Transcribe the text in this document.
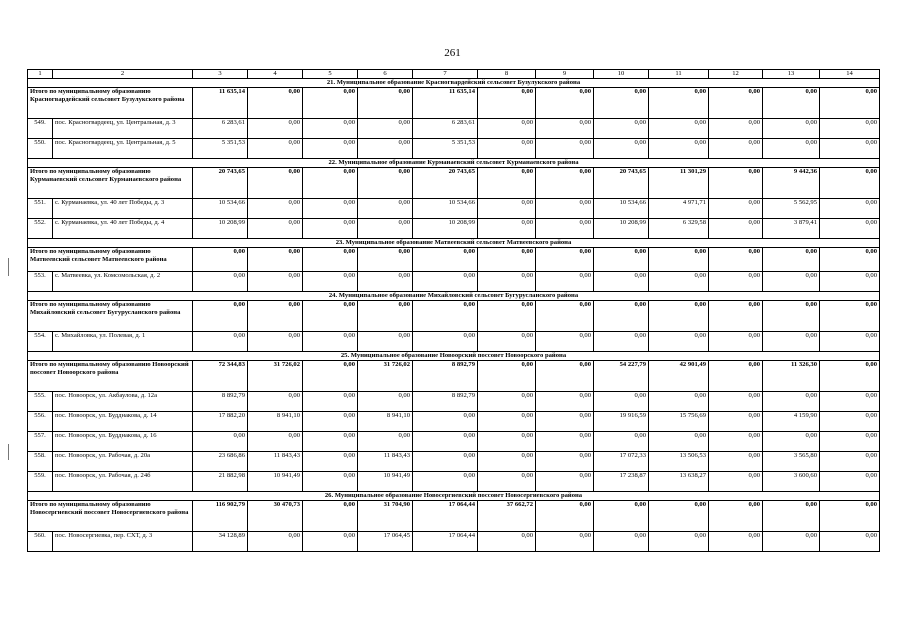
261
1	2	3	4	5	6	7	8	9	10	11	12	13	14
21. Муниципальное образование Красногвардейский сельсовет Бузулукского района													
Итого по муниципальному образованию Красногвардейский сельсовет Бузулукского района		11 635,14	0,00	0,00	0,00	11 635,14	0,00	0,00	0,00	0,00	0,00	0,00	0,00
549.	пос. Красногвардеец, ул. Центральная, д. 3	6 283,61	0,00	0,00	0,00	6 283,61	0,00	0,00	0,00	0,00	0,00	0,00	0,00
550.	пос. Красногвардеец, ул. Центральная, д. 5	5 351,53	0,00	0,00	0,00	5 351,53	0,00	0,00	0,00	0,00	0,00	0,00	0,00
22. Муниципальное образование Курманаевский сельсовет Курманаевского района													
Итого по муниципальному образованию Курманаевский сельсовет Курманаевского района		20 743,65	0,00	0,00	0,00	20 743,65	0,00	0,00	20 743,65	11 301,29	0,00	9 442,36	0,00
551.	с. Курманаевка, ул. 40 лет Победы, д. 3	10 534,66	0,00	0,00	0,00	10 534,66	0,00	0,00	10 534,66	4 971,71	0,00	5 562,95	0,00
552.	с. Курманаевка, ул. 40 лет Победы, д. 4	10 208,99	0,00	0,00	0,00	10 208,99	0,00	0,00	10 208,99	6 329,58	0,00	3 879,41	0,00
23. Муниципальное образование Матвеевский сельсовет Матвеевского района													
Итого по муниципальному образованию Матвеевский сельсовет Матвеевского района		0,00	0,00	0,00	0,00	0,00	0,00	0,00	0,00	0,00	0,00	0,00	0,00
553.	с. Матвеевка, ул. Комсомольская, д. 2	0,00	0,00	0,00	0,00	0,00	0,00	0,00	0,00	0,00	0,00	0,00	0,00
24. Муниципальное образование Михайловский сельсовет Бугурусланского района													
Итого по муниципальному образованию Михайловский сельсовет Бугурусланского района		0,00	0,00	0,00	0,00	0,00	0,00	0,00	0,00	0,00	0,00	0,00	0,00
554.	с. Михайловка, ул. Полевая, д. 1	0,00	0,00	0,00	0,00	0,00	0,00	0,00	0,00	0,00	0,00	0,00	0,00
25. Муниципальное образование Новоорский поссовет Новоорского района													
Итого по муниципальному образованию Новоорский поссовет Новоорского района		72 344,83	31 726,02	0,00	31 726,02	8 892,79	0,00	0,00	54 227,79	42 901,49	0,00	11 326,30	0,00
555.	пос. Новоорск, ул. Акбаулова, д. 12а	8 892,79	0,00	0,00	0,00	8 892,79	0,00	0,00	0,00	0,00	0,00	0,00	0,00
556.	пос. Новоорск, ул. Будднакова, д. 14	17 882,20	8 941,10	0,00	8 941,10	0,00	0,00	0,00	19 916,59	15 756,69	0,00	4 159,90	0,00
557.	пос. Новоорск, ул. Будднакова, д. 16	0,00	0,00	0,00	0,00	0,00	0,00	0,00	0,00	0,00	0,00	0,00	0,00
558.	пос. Новоорск, ул. Рабочая, д. 20а	23 686,86	11 843,43	0,00	11 843,43	0,00	0,00	0,00	17 072,33	13 506,53	0,00	3 565,80	0,00
559.	пос. Новоорск, ул. Рабочая, д. 24б	21 882,98	10 941,49	0,00	10 941,49	0,00	0,00	0,00	17 238,87	13 638,27	0,00	3 600,60	0,00
26. Муниципальное образование Новосергиевский поссовет Новосергиевского района													
Итого по муниципальному образованию Новосергиевский поссовет Новосергиевского района		116 902,79	30 470,73	0,00	31 704,90	17 064,44	37 662,72	0,00	0,00	0,00	0,00	0,00	0,00
560.	пос. Новосергиевка, пер. СХТ, д. 3	34 128,89	0,00	0,00	17 064,45	17 064,44	0,00	0,00	0,00	0,00	0,00	0,00	0,00
